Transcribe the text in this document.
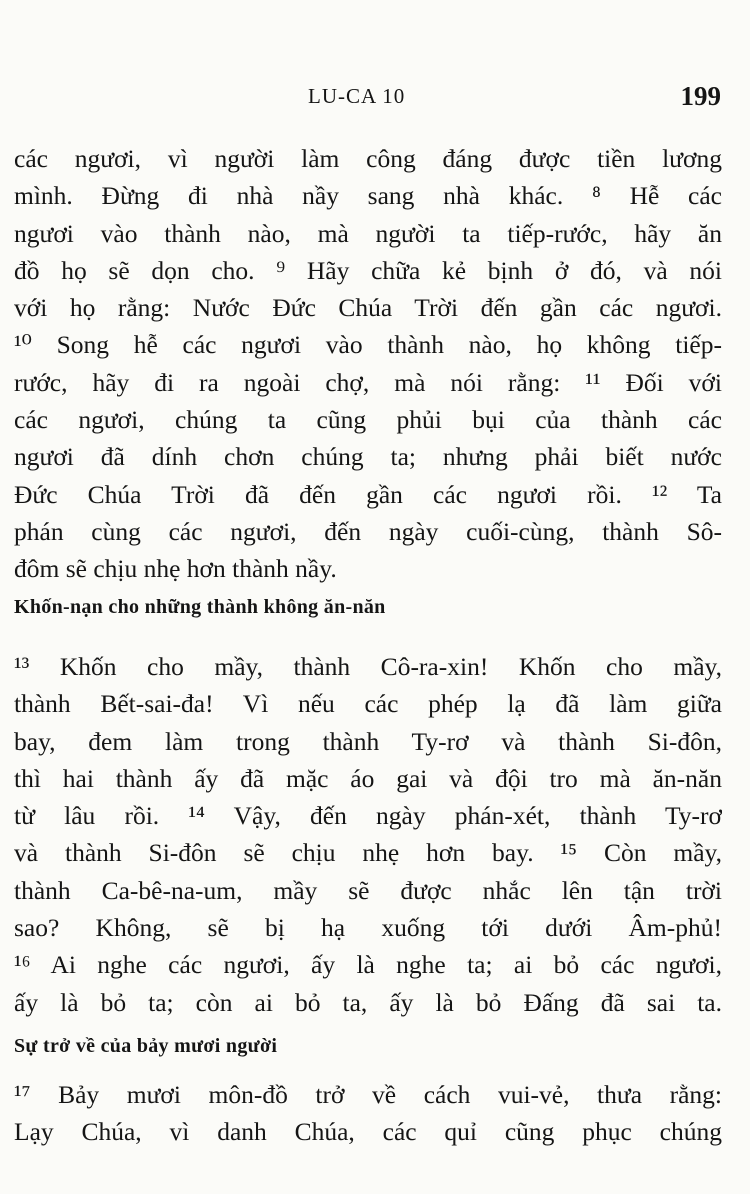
LU-CA 10	199
các ngươi, vì người làm công đáng được tiền lương
mình. Đừng đi nhà nầy sang nhà khác. ⁸ Hễ các
ngươi vào thành nào, mà người ta tiếp-rước, hãy ăn
đồ họ sẽ dọn cho. ⁹ Hãy chữa kẻ bịnh ở đó, và nói
với họ rằng: Nước Đức Chúa Trời đến gần các ngươi.
¹⁰ Song hễ các ngươi vào thành nào, họ không tiếp-
rước, hãy đi ra ngoài chợ, mà nói rằng: ¹¹ Đối với
các ngươi, chúng ta cũng phủi bụi của thành các
ngươi đã dính chơn chúng ta; nhưng phải biết nước
Đức Chúa Trời đã đến gần các ngươi rồi. ¹² Ta
phán cùng các ngươi, đến ngày cuối-cùng, thành Sô-
đôm sẽ chịu nhẹ hơn thành nầy.
Khốn-nạn cho những thành không ăn-năn
¹³ Khốn cho mầy, thành Cô-ra-xin! Khốn cho mầy,
thành Bết-sai-đa! Vì nếu các phép lạ đã làm giữa
bay, đem làm trong thành Ty-rơ và thành Si-đôn,
thì hai thành ấy đã mặc áo gai và đội tro mà ăn-năn
từ lâu rồi. ¹⁴ Vậy, đến ngày phán-xét, thành Ty-rơ
và thành Si-đôn sẽ chịu nhẹ hơn bay. ¹⁵ Còn mầy,
thành Ca-bê-na-um, mầy sẽ được nhắc lên tận trời
sao? Không, sẽ bị hạ xuống tới dưới Âm-phủ!
¹⁶ Ai nghe các ngươi, ấy là nghe ta; ai bỏ các ngươi,
ấy là bỏ ta; còn ai bỏ ta, ấy là bỏ Đấng đã sai ta.
Sự trở về của bảy mươi người
¹⁷ Bảy mươi môn-đồ trở về cách vui-vẻ, thưa rằng:
Lạy Chúa, vì danh Chúa, các quỉ cũng phục chúng
